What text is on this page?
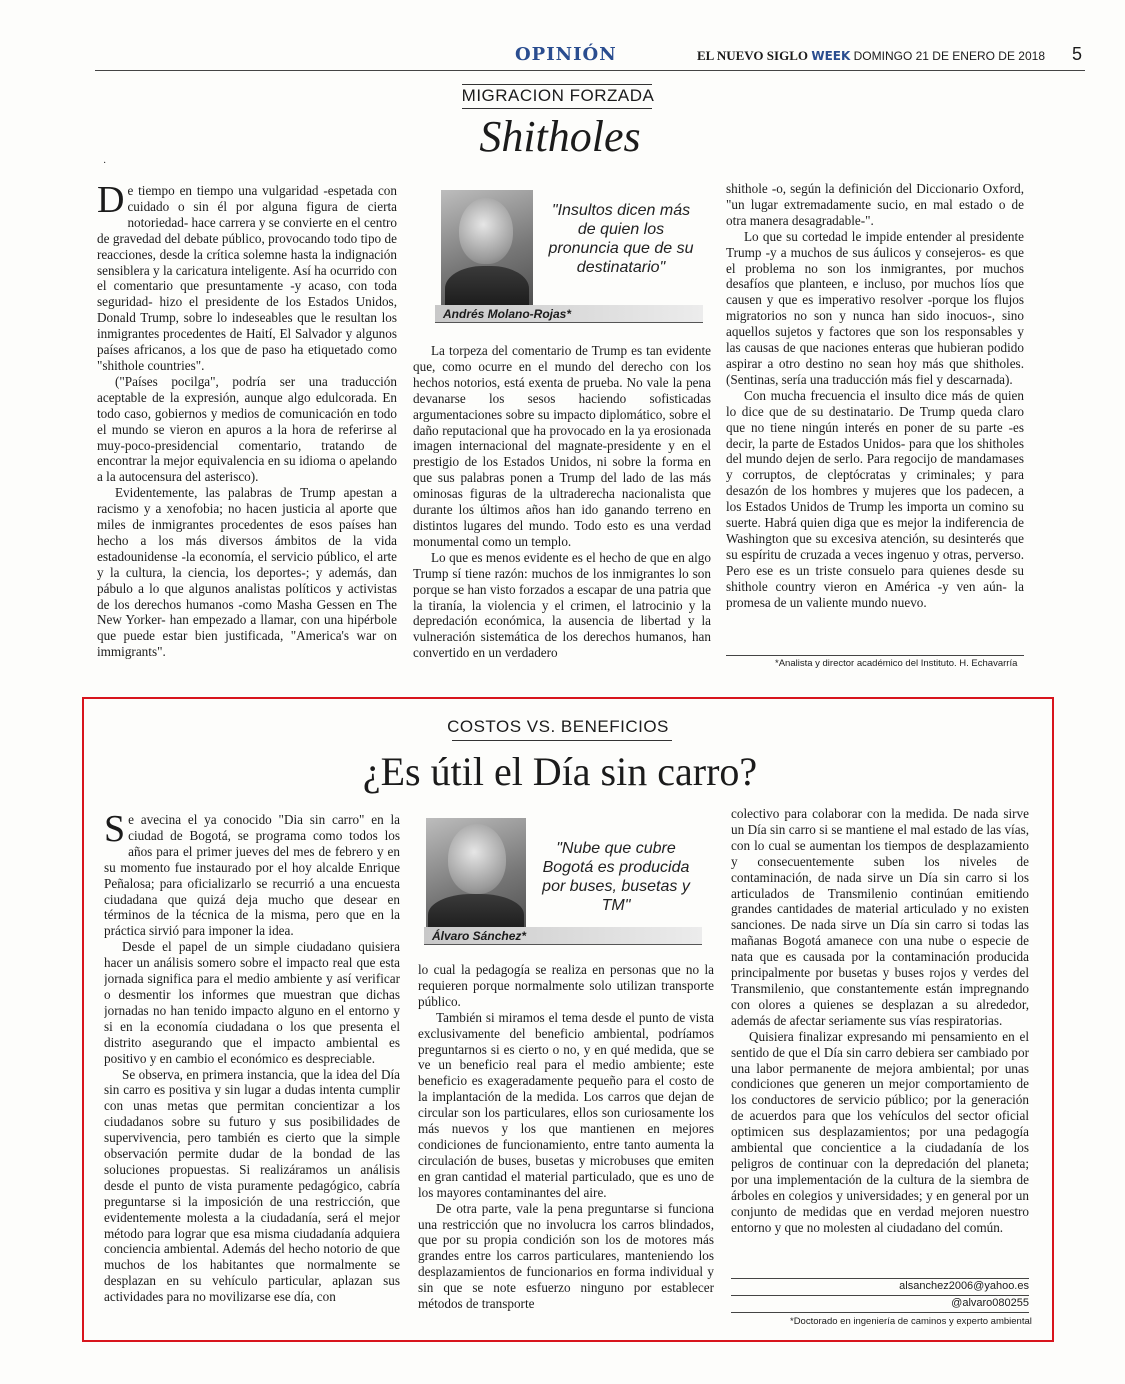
OPINIÓN	EL NUEVO SIGLO WEEK DOMINGO 21 DE ENERO DE 2018 5
MIGRACION FORZADA
Shitholes
·

De tiempo en tiempo una vulgaridad -espetada con cuidado o sin él por alguna figura de cierta notoriedad- hace carrera y se convierte en el centro de gravedad del debate público, provocando todo tipo de reacciones, desde la crítica solemne hasta la indignación sensiblera y la caricatura inteligente. Así ha ocurrido con el comentario que presuntamente -y acaso, con toda seguridad- hizo el presidente de los Estados Unidos, Donald Trump, sobre lo indeseables que le resultan los inmigrantes procedentes de Haití, El Salvador y algunos países africanos, a los que de paso ha etiquetado como "shithole countries".

("Países pocilga", podría ser una traducción aceptable de la expresión, aunque algo edulcorada. En todo caso, gobiernos y medios de comunicación en todo el mundo se vieron en apuros a la hora de referirse al muy-poco-presidencial comentario, tratando de encontrar la mejor equivalencia en su idioma o apelando a la autocensura del asterisco).

Evidentemente, las palabras de Trump apestan a racismo y a xenofobia; no hacen justicia al aporte que miles de inmigrantes procedentes de esos países han hecho a los más diversos ámbitos de la vida estadounidense -la economía, el servicio público, el arte y la cultura, la ciencia, los deportes-; y además, dan pábulo a lo que algunos analistas políticos y activistas de los derechos humanos -como Masha Gessen en The New Yorker- han empezado a llamar, con una hipérbole que puede estar bien justificada, "America's war on immigrants".

"Insultos dicen más de quien los pronuncia que de su destinatario"
Andrés Molano-Rojas*

La torpeza del comentario de Trump es tan evidente que, como ocurre en el mundo del derecho con los hechos notorios, está exenta de prueba. No vale la pena devanarse los sesos haciendo sofisticadas argumentaciones sobre su impacto diplomático, sobre el daño reputacional que ha provocado en la ya erosionada imagen internacional del magnate-presidente y en el prestigio de los Estados Unidos, ni sobre la forma en que sus palabras ponen a Trump del lado de las más ominosas figuras de la ultraderecha nacionalista que durante los últimos años han ido ganando terreno en distintos lugares del mundo. Todo esto es una verdad monumental como un templo.

Lo que es menos evidente es el hecho de que en algo Trump sí tiene razón: muchos de los inmigrantes lo son porque se han visto forzados a escapar de una patria que la tiranía, la violencia y el crimen, el latrocinio y la depredación económica, la ausencia de libertad y la vulneración sistemática de los derechos humanos, han convertido en un verdadero

shithole -o, según la definición del Diccionario Oxford, "un lugar extremadamente sucio, en mal estado o de otra manera desagradable-".

Lo que su cortedad le impide entender al presidente Trump -y a muchos de sus áulicos y consejeros- es que el problema no son los inmigrantes, por muchos desafíos que planteen, e incluso, por muchos líos que causen y que es imperativo resolver -porque los flujos migratorios no son y nunca han sido inocuos-, sino aquellos sujetos y factores que son los responsables y las causas de que naciones enteras que hubieran podido aspirar a otro destino no sean hoy más que shitholes. (Sentinas, sería una traducción más fiel y descarnada).

Con mucha frecuencia el insulto dice más de quien lo dice que de su destinatario. De Trump queda claro que no tiene ningún interés en poner de su parte -es decir, la parte de Estados Unidos- para que los shitholes del mundo dejen de serlo. Para regocijo de mandamases y corruptos, de cleptócratas y criminales; y para desazón de los hombres y mujeres que los padecen, a los Estados Unidos de Trump les importa un comino su suerte. Habrá quien diga que es mejor la indiferencia de Washington que su excesiva atención, su desinterés que su espíritu de cruzada a veces ingenuo y otras, perverso. Pero ese es un triste consuelo para quienes desde su shithole country vieron en América -y ven aún- la promesa de un valiente mundo nuevo.

*Analista y director académico del Instituto. H. Echavarría
COSTOS VS. BENEFICIOS
¿Es útil el Día sin carro?

Se avecina el ya conocido "Dia sin carro" en la ciudad de Bogotá, se programa como todos los años para el primer jueves del mes de febrero y en su momento fue instaurado por el hoy alcalde Enrique Peñalosa; para oficializarlo se recurrió a una encuesta ciudadana que quizá deja mucho que desear en términos de la técnica de la misma, pero que en la práctica sirvió para imponer la idea.

Desde el papel de un simple ciudadano quisiera hacer un análisis somero sobre el impacto real que esta jornada significa para el medio ambiente y así verificar o desmentir los informes que muestran que dichas jornadas no han tenido impacto alguno en el entorno y si en la economía ciudadana o los que presenta el distrito asegurando que el impacto ambiental es positivo y en cambio el económico es despreciable.

Se observa, en primera instancia, que la idea del Día sin carro es positiva y sin lugar a dudas intenta cumplir con unas metas que permitan concientizar a los ciudadanos sobre su futuro y sus posibilidades de supervivencia, pero también es cierto que la simple observación permite dudar de la bondad de las soluciones propuestas. Si realizáramos un análisis desde el punto de vista puramente pedagógico, cabría preguntarse si la imposición de una restricción, que evidentemente molesta a la ciudadanía, será el mejor método para lograr que esa misma ciudadanía adquiera conciencia ambiental. Además del hecho notorio de que muchos de los habitantes que normalmente se desplazan en su vehículo particular, aplazan sus actividades para no movilizarse ese día, con

"Nube que cubre Bogotá es producida por buses, busetas y TM"
Álvaro Sánchez*

lo cual la pedagogía se realiza en personas que no la requieren porque normalmente solo utilizan transporte público.

También si miramos el tema desde el punto de vista exclusivamente del beneficio ambiental, podríamos preguntarnos si es cierto o no, y en qué medida, que se ve un beneficio real para el medio ambiente; este beneficio es exageradamente pequeño para el costo de la implantación de la medida. Los carros que dejan de circular son los particulares, ellos son curiosamente los más nuevos y los que mantienen en mejores condiciones de funcionamiento, entre tanto aumenta la circulación de buses, busetas y microbuses que emiten en gran cantidad el material particulado, que es uno de los mayores contaminantes del aire.

De otra parte, vale la pena preguntarse si funciona una restricción que no involucra los carros blindados, que por su propia condición son los de motores más grandes entre los carros particulares, manteniendo los desplazamientos de funcionarios en forma individual y sin que se note esfuerzo ninguno por establecer métodos de transporte

colectivo para colaborar con la medida. De nada sirve un Día sin carro si se mantiene el mal estado de las vías, con lo cual se aumentan los tiempos de desplazamiento y consecuentemente suben los niveles de contaminación, de nada sirve un Día sin carro si los articulados de Transmilenio continúan emitiendo grandes cantidades de material articulado y no existen sanciones. De nada sirve un Día sin carro si todas las mañanas Bogotá amanece con una nube o especie de nata que es causada por la contaminación producida principalmente por busetas y buses rojos y verdes del Transmilenio, que constantemente están impregnando con olores a quienes se desplazan a su alrededor, además de afectar seriamente sus vías respiratorias.

Quisiera finalizar expresando mi pensamiento en el sentido de que el Día sin carro debiera ser cambiado por una labor permanente de mejora ambiental; por unas condiciones que generen un mejor comportamiento de los conductores de servicio público; por la generación de acuerdos para que los vehículos del sector oficial optimicen sus desplazamientos; por una pedagogía ambiental que concientice a la ciudadanía de los peligros de continuar con la depredación del planeta; por una implementación de la cultura de la siembra de árboles en colegios y universidades; y en general por un conjunto de medidas que en verdad mejoren nuestro entorno y que no molesten al ciudadano del común.

alsanchez2006@yahoo.es
@alvaro080255
*Doctorado en ingeniería de caminos y experto ambiental
